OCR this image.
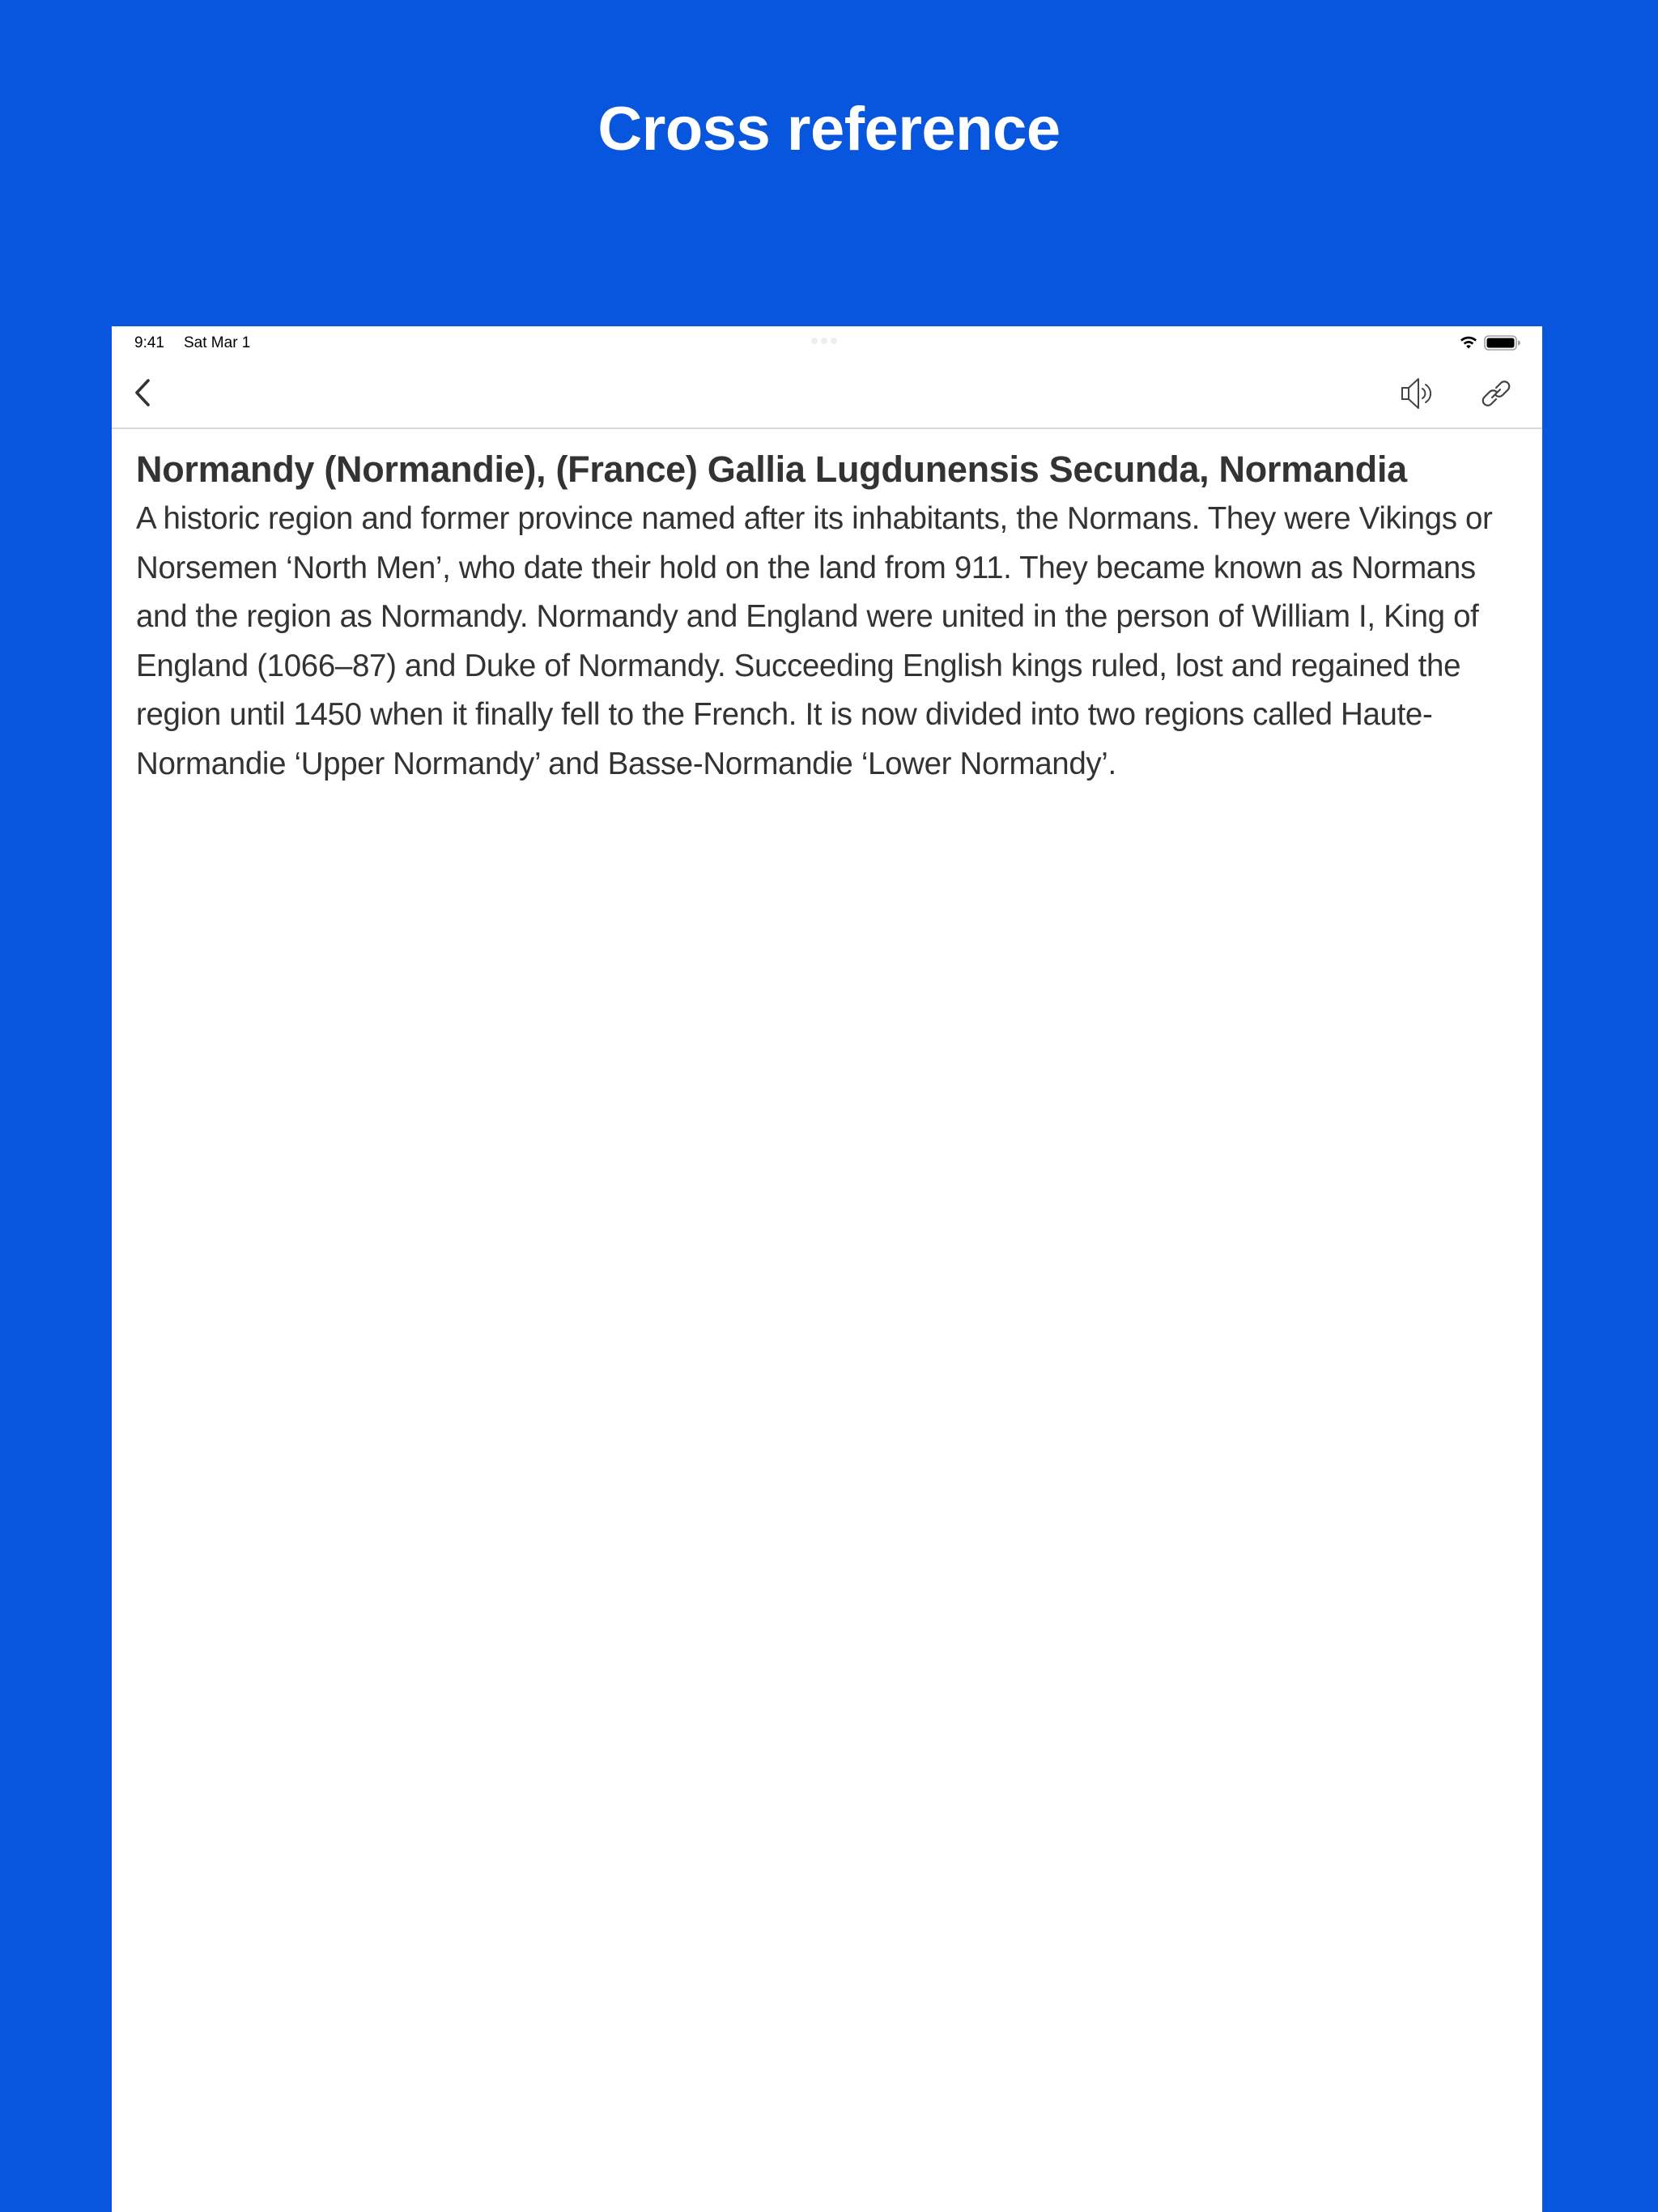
Cross reference
9:41 Sat Mar 1
Normandy (Normandie), (France) Gallia Lugdunensis Secunda, Normandia

A historic region and former province named after its inhabitants, the Normans. They were Vikings or Norsemen ‘North Men’, who date their hold on the land from 911. They became known as Normans and the region as Normandy. Normandy and England were united in the person of William I, King of England (1066–87) and Duke of Normandy. Succeeding English kings ruled, lost and regained the region until 1450 when it finally fell to the French. It is now divided into two regions called Haute-Normandie ‘Upper Normandy’ and Basse-Normandie ‘Lower Normandy’.
